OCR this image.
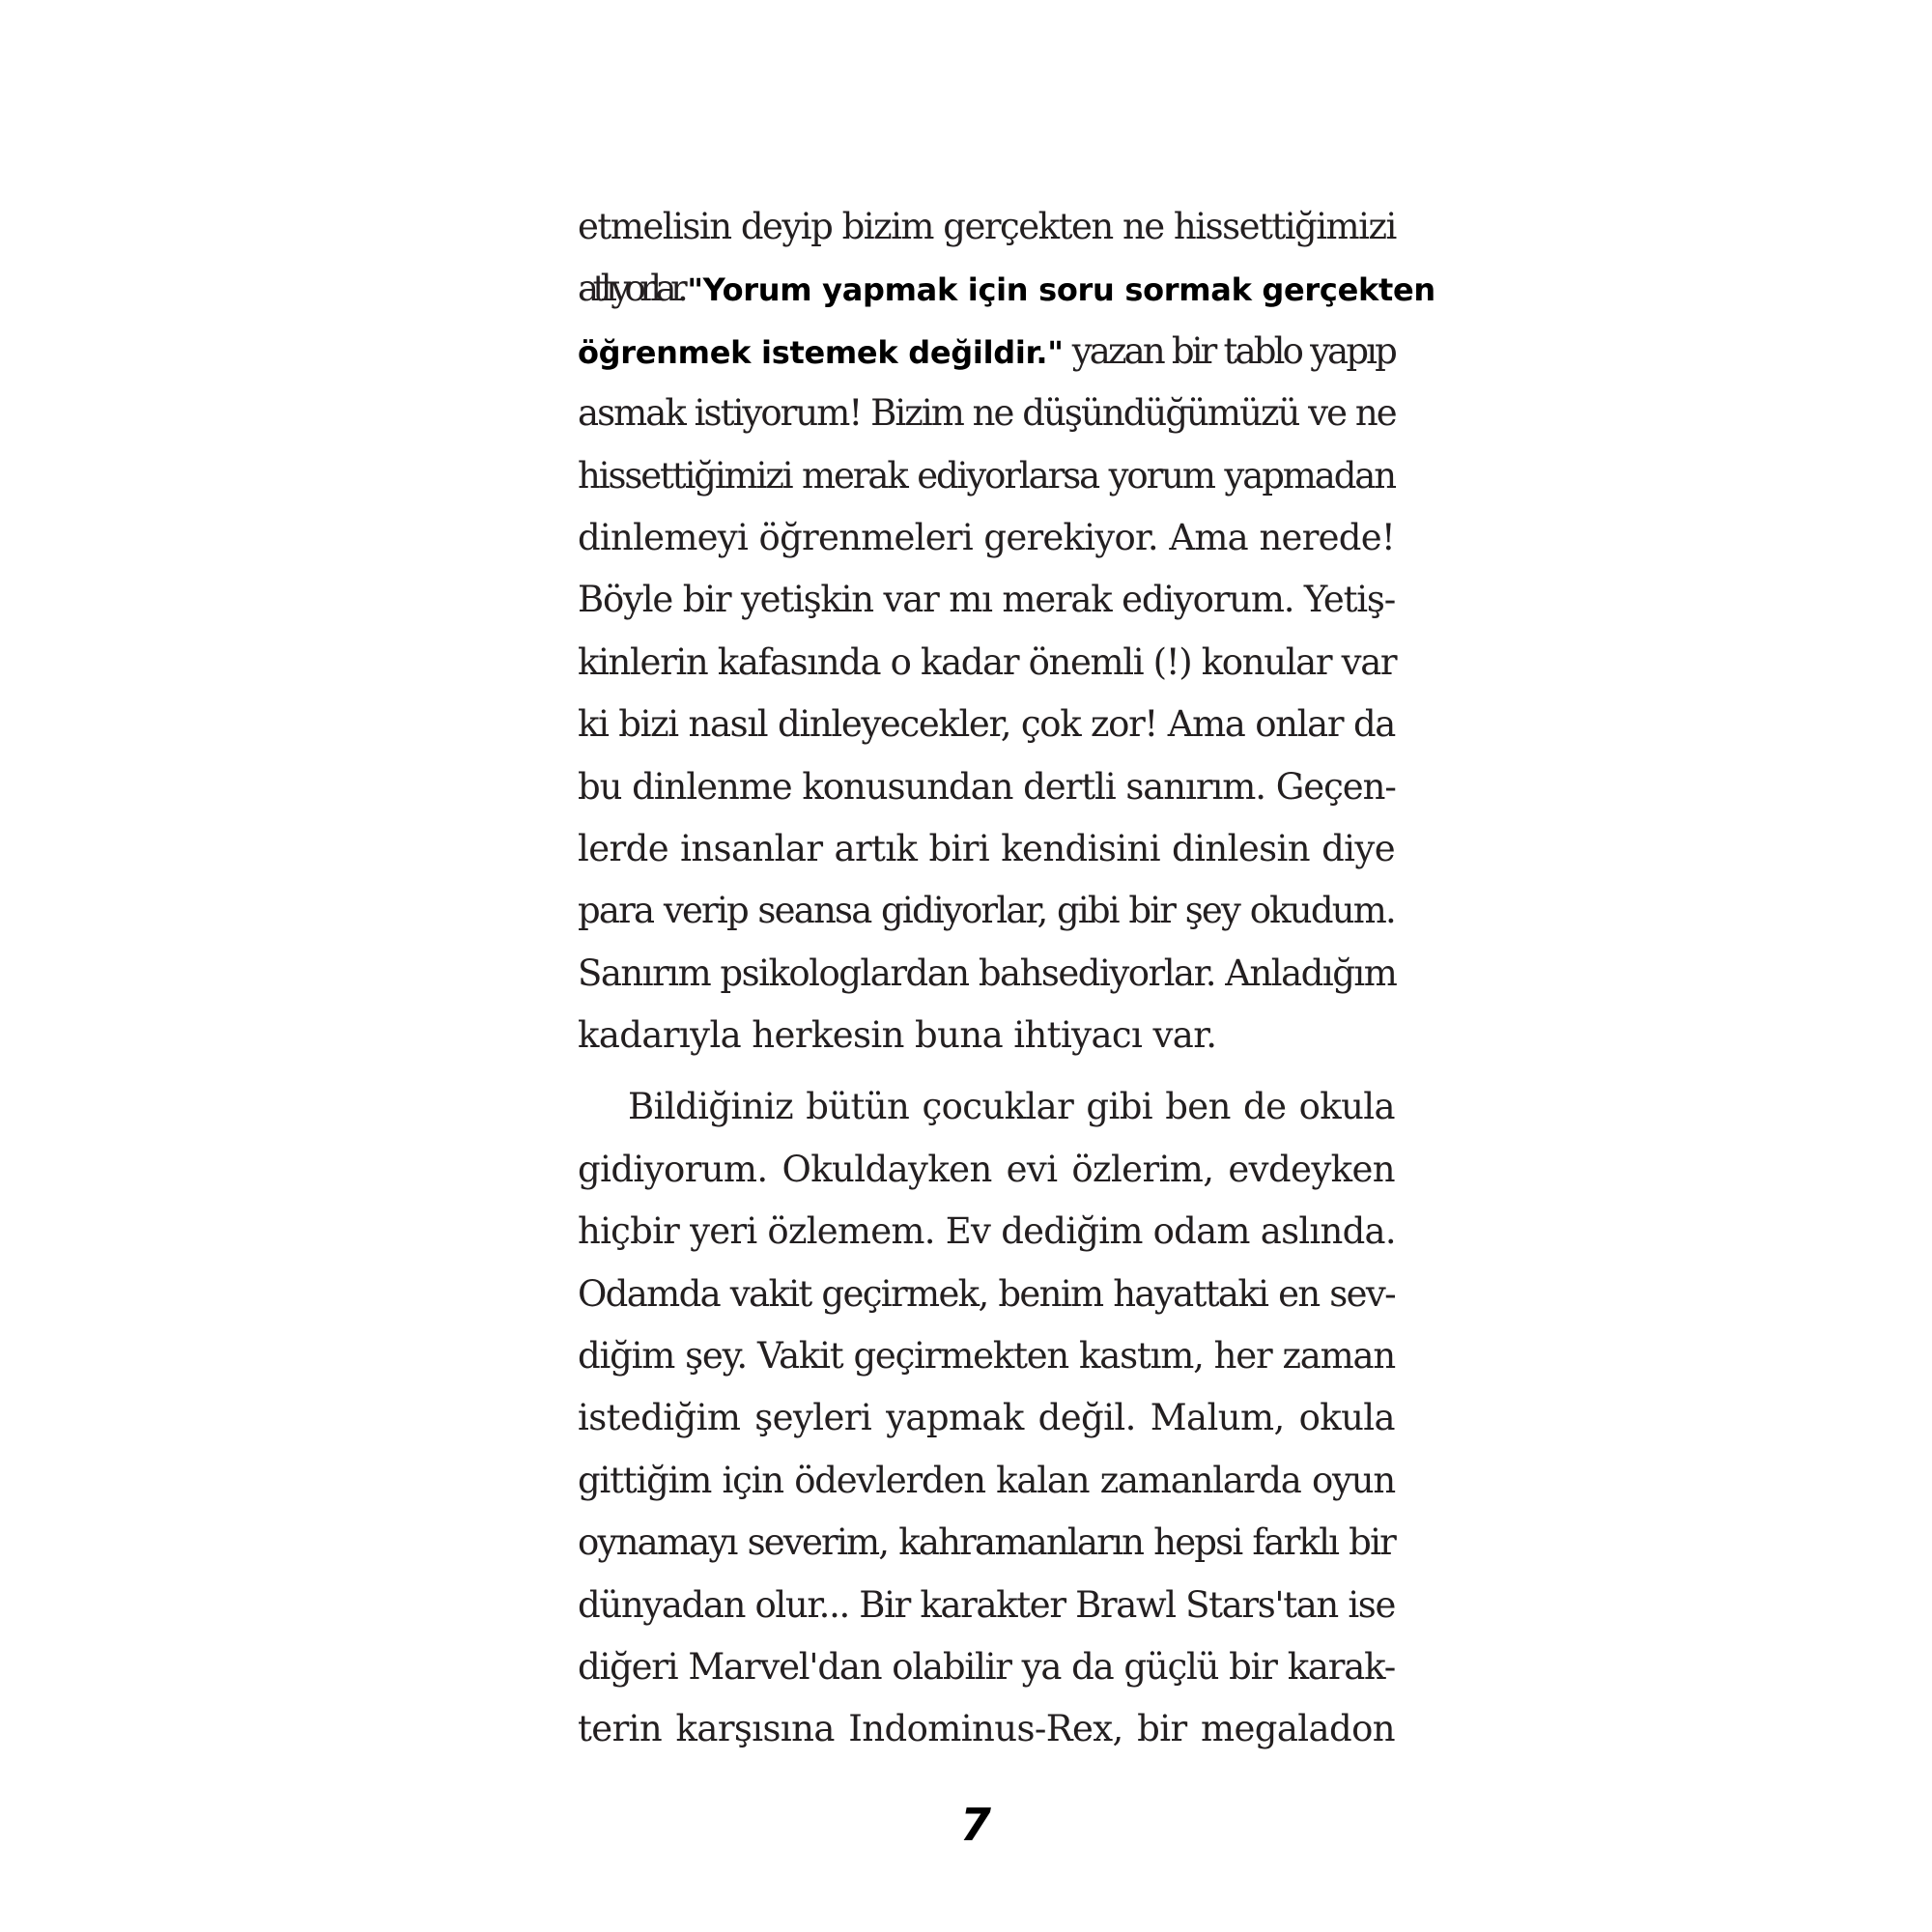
etmelisin deyip bizim gerçekten ne hissettiğimizi
atlıyorlar. "Yorum yapmak için soru sormak gerçekten
öğrenmek istemek değildir." yazan bir tablo yapıp
asmak istiyorum! Bizim ne düşündüğümüzü ve ne
hissettiğimizi merak ediyorlarsa yorum yapmadan
dinlemeyi öğrenmeleri gerekiyor. Ama nerede!
Böyle bir yetişkin var mı merak ediyorum. Yetiş-
kinlerin kafasında o kadar önemli (!) konular var
ki bizi nasıl dinleyecekler, çok zor! Ama onlar da
bu dinlenme konusundan dertli sanırım. Geçen-
lerde insanlar artık biri kendisini dinlesin diye
para verip seansa gidiyorlar, gibi bir şey okudum.
Sanırım psikologlardan bahsediyorlar. Anladığım
kadarıyla herkesin buna ihtiyacı var.
Bildiğiniz bütün çocuklar gibi ben de okula
gidiyorum. Okuldayken evi özlerim, evdeyken
hiçbir yeri özlemem. Ev dediğim odam aslında.
Odamda vakit geçirmek, benim hayattaki en sev-
diğim şey. Vakit geçirmekten kastım, her zaman
istediğim şeyleri yapmak değil. Malum, okula
gittiğim için ödevlerden kalan zamanlarda oyun
oynamayı severim, kahramanların hepsi farklı bir
dünyadan olur... Bir karakter Brawl Stars'tan ise
diğeri Marvel'dan olabilir ya da güçlü bir karak-
terin karşısına Indominus-Rex, bir megaladon
7
